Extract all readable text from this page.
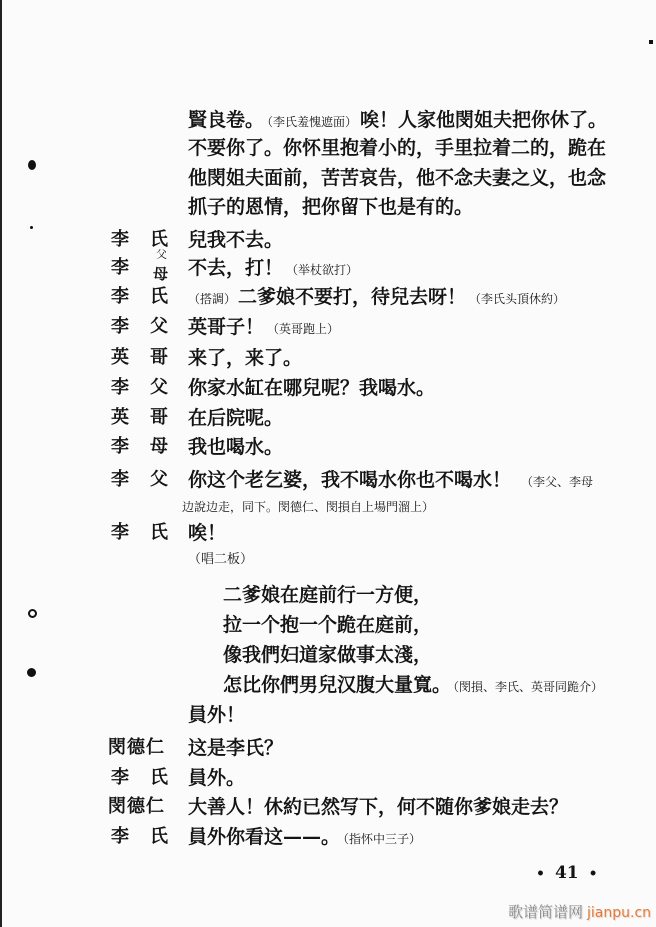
賢良卷。 （李氏羞愧遮面） 唉！人家他閔姐夫把你休了。
不要你了。你怀里抱着小的，手里拉着二的，跪在
他閔姐夫面前，苦苦哀告，他不念夫妻之义，也念
抓子的恩情，把你留下也是有的。
李 氏 兒我不去。
李
父
母 不去，打！ （举杖欲打）
李 氏 （搭調） 二爹娘不要打，待兒去呀！ （李氏头頂休約）
李 父 英哥子！ （英哥跑上）
英 哥 来了，来了。
李 父 你家水缸在哪兒呢？我喝水。
英 哥 在后院呢。
李 母 我也喝水。
李 父 你这个老乞婆，我不喝水你也不喝水！ （李父、李母
边說边走，同下。閔德仁、閔損自上場門溜上）
李 氏 唉！
（唱二板）
二爹娘在庭前行一方便，
拉一个抱一个跪在庭前，
像我們妇道家做事太淺，
怎比你們男兒汉腹大量寬。 （閔損、李氏、英哥同跪介）
員外！
閔德仁 这是李氏？
李 氏 員外。
閔德仁 大善人！休約已然写下，何不随你爹娘走去？
李 氏 員外你看这——。 （指怀中三子）
• 41 •
歌谱简谱网 jianpu.cn
